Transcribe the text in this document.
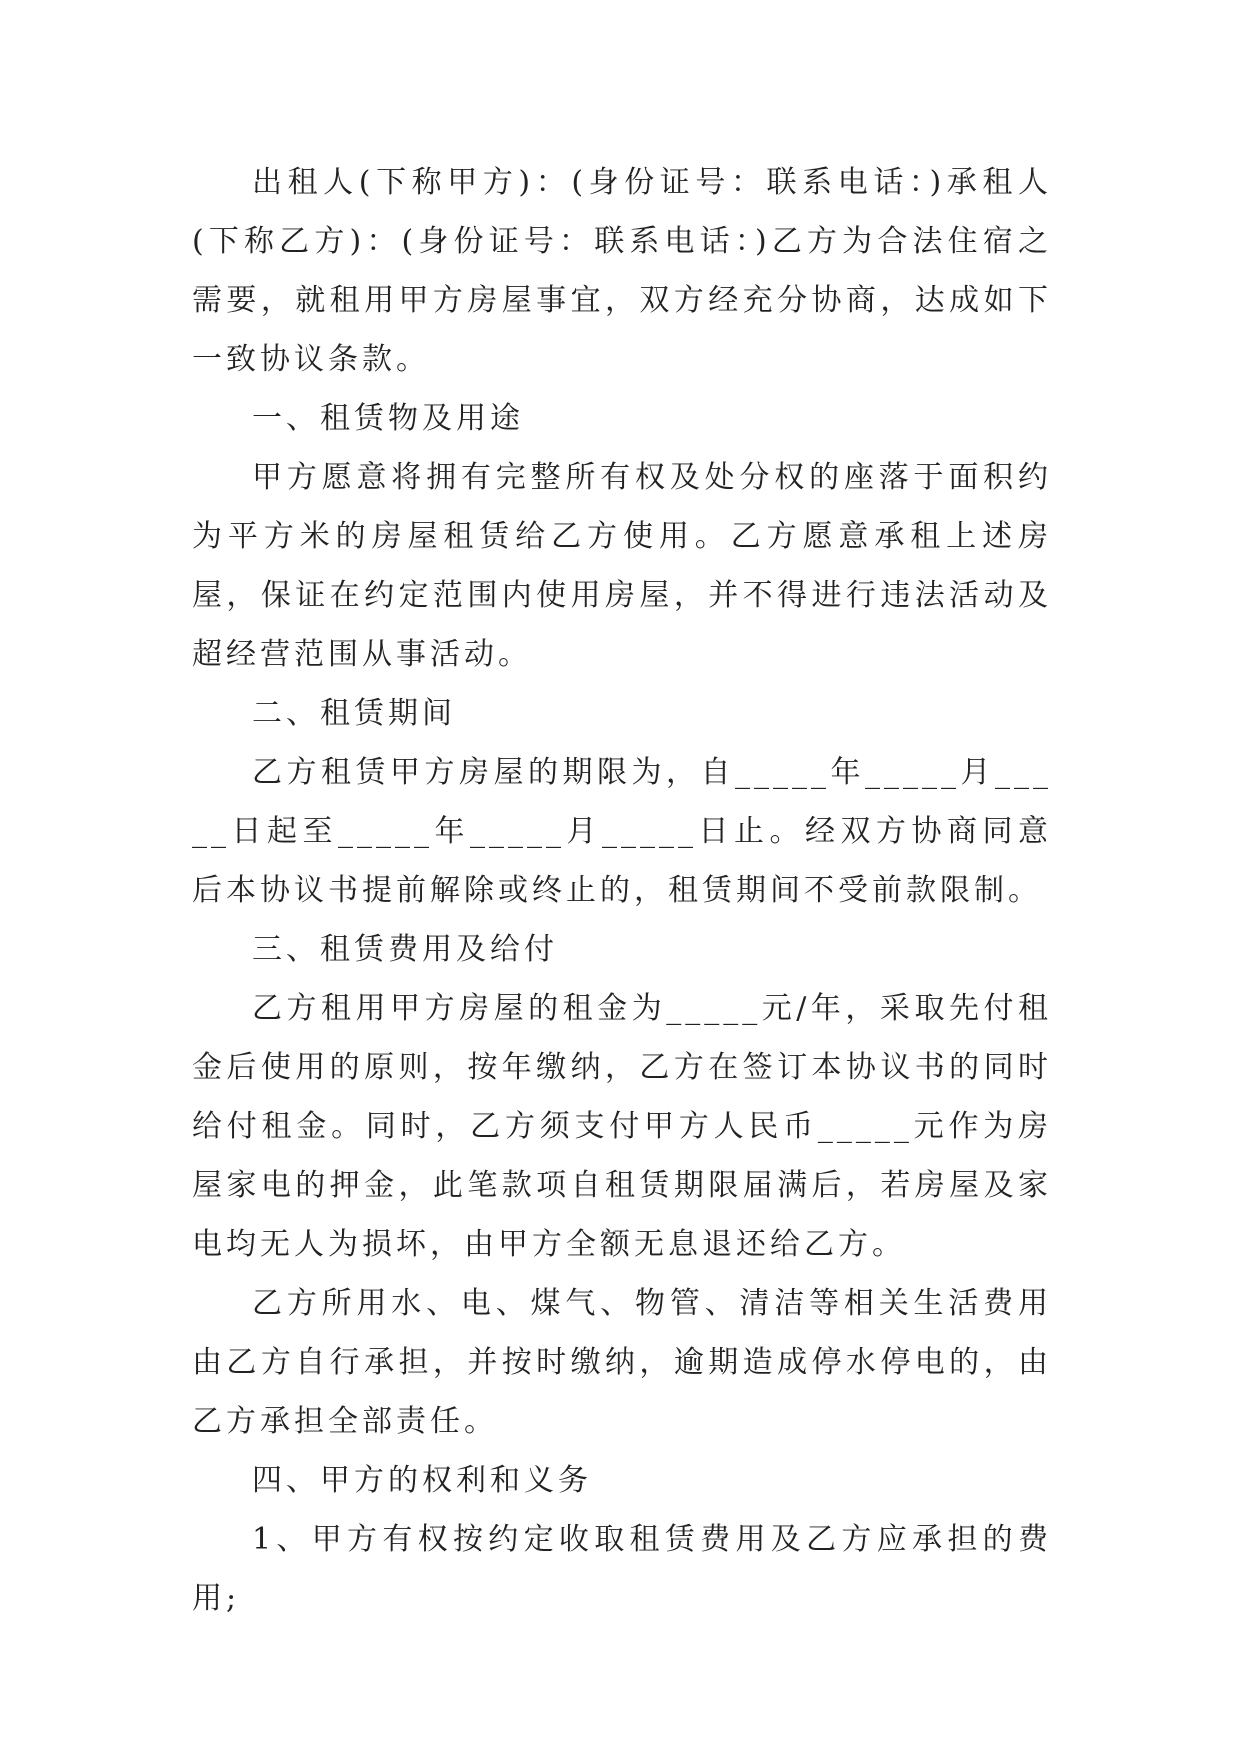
出租人(下称甲方)：(身份证号：联系电话：)承租人(下称乙方)：(身份证号：联系电话：)乙方为合法住宿之需要，就租用甲方房屋事宜，双方经充分协商，达成如下一致协议条款。

一、租赁物及用途

甲方愿意将拥有完整所有权及处分权的座落于面积约为平方米的房屋租赁给乙方使用。乙方愿意承租上述房屋，保证在约定范围内使用房屋，并不得进行违法活动及超经营范围从事活动。

二、租赁期间

乙方租赁甲方房屋的期限为，自_____年_____月_____日起至_____年_____月_____日止。经双方协商同意后本协议书提前解除或终止的，租赁期间不受前款限制。

三、租赁费用及给付

乙方租用甲方房屋的租金为_____元/年，采取先付租金后使用的原则，按年缴纳，乙方在签订本协议书的同时给付租金。同时，乙方须支付甲方人民币_____元作为房屋家电的押金，此笔款项自租赁期限届满后，若房屋及家电均无人为损坏，由甲方全额无息退还给乙方。

乙方所用水、电、煤气、物管、清洁等相关生活费用由乙方自行承担，并按时缴纳，逾期造成停水停电的，由乙方承担全部责任。

四、甲方的权利和义务

1、甲方有权按约定收取租赁费用及乙方应承担的费用;
